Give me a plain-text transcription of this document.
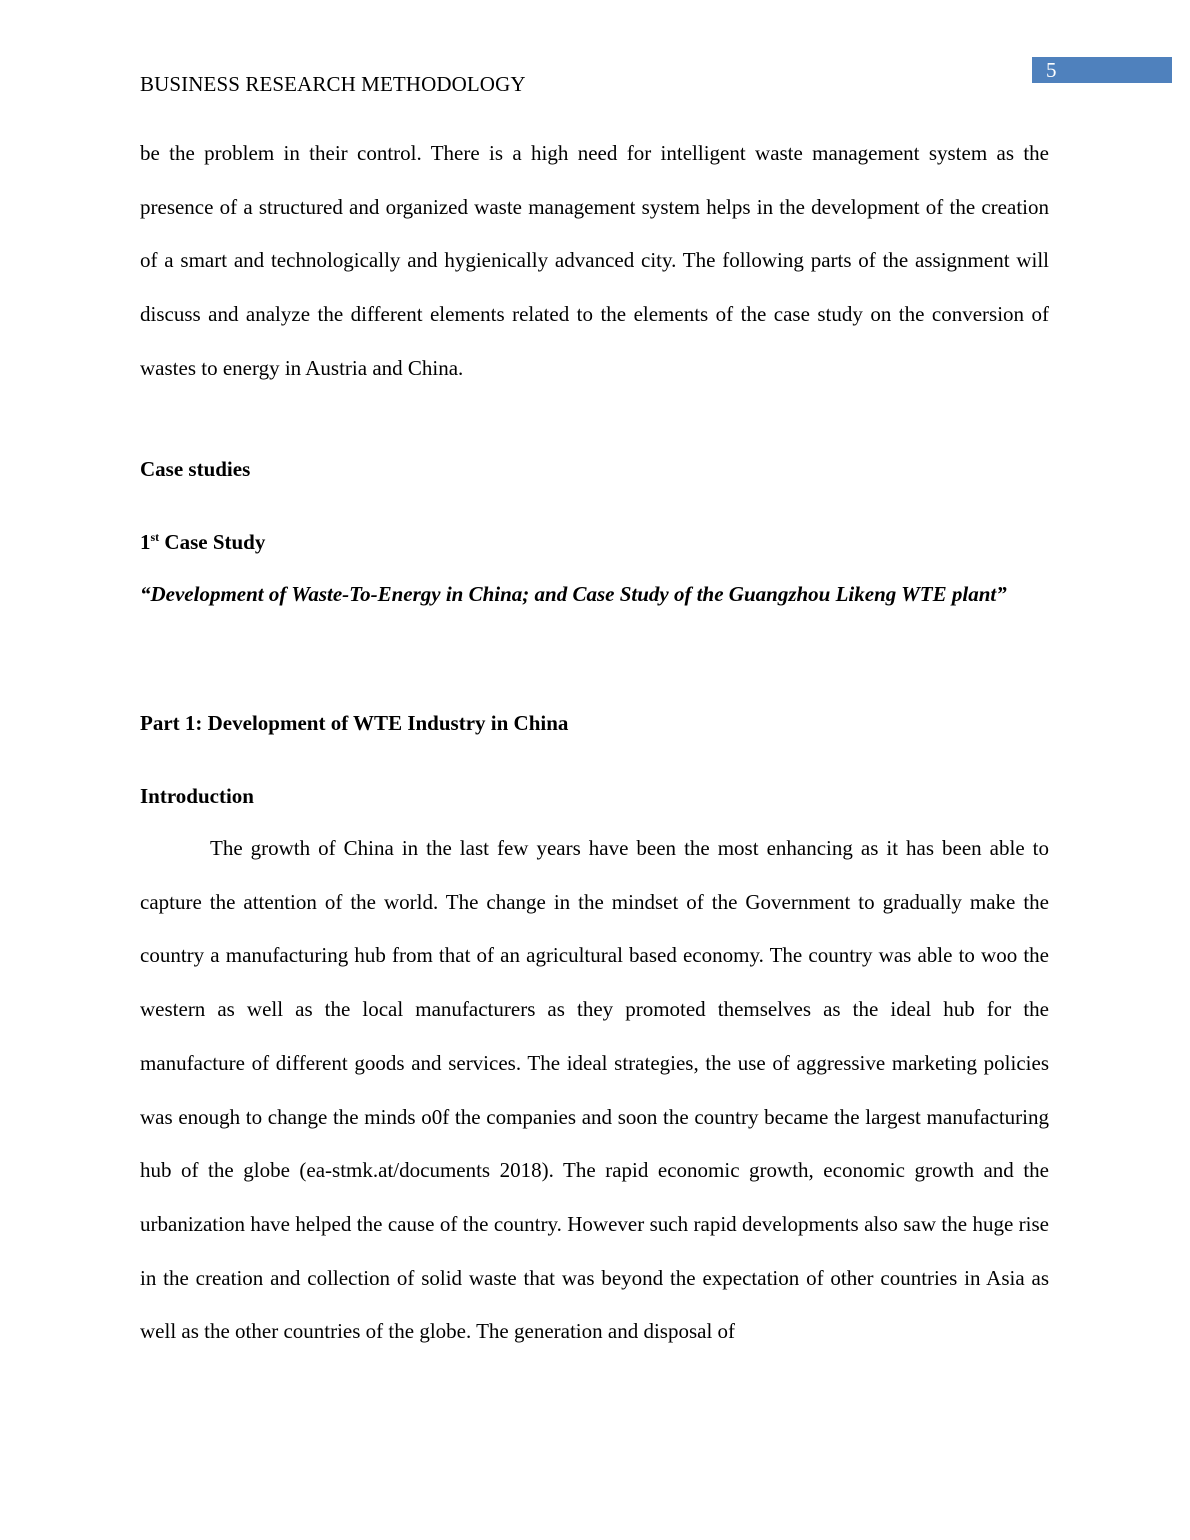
5
BUSINESS RESEARCH METHODOLOGY

be the problem in their control. There is a high need for intelligent waste management system as the presence of a structured and organized waste management system helps in the development of the creation of a smart and technologically and hygienically advanced city. The following parts of the assignment will discuss and analyze the different elements related to the elements of the case study on the conversion of wastes to energy in Austria and China.

Case studies
1st Case Study

“Development of Waste-To-Energy in China; and Case Study of the Guangzhou Likeng WTE plant”

Part 1: Development of WTE Industry in China
Introduction

The growth of China in the last few years have been the most enhancing as it has been able to capture the attention of the world. The change in the mindset of the Government to gradually make the country a manufacturing hub from that of an agricultural based economy. The country was able to woo the western as well as the local manufacturers as they promoted themselves as the ideal hub for the manufacture of different goods and services. The ideal strategies, the use of aggressive marketing policies was enough to change the minds o0f the companies and soon the country became the largest manufacturing hub of the globe (ea-stmk.at/documents 2018). The rapid economic growth, economic growth and the urbanization have helped the cause of the country. However such rapid developments also saw the huge rise in the creation and collection of solid waste that was beyond the expectation of other countries in Asia as well as the other countries of the globe. The generation and disposal of
